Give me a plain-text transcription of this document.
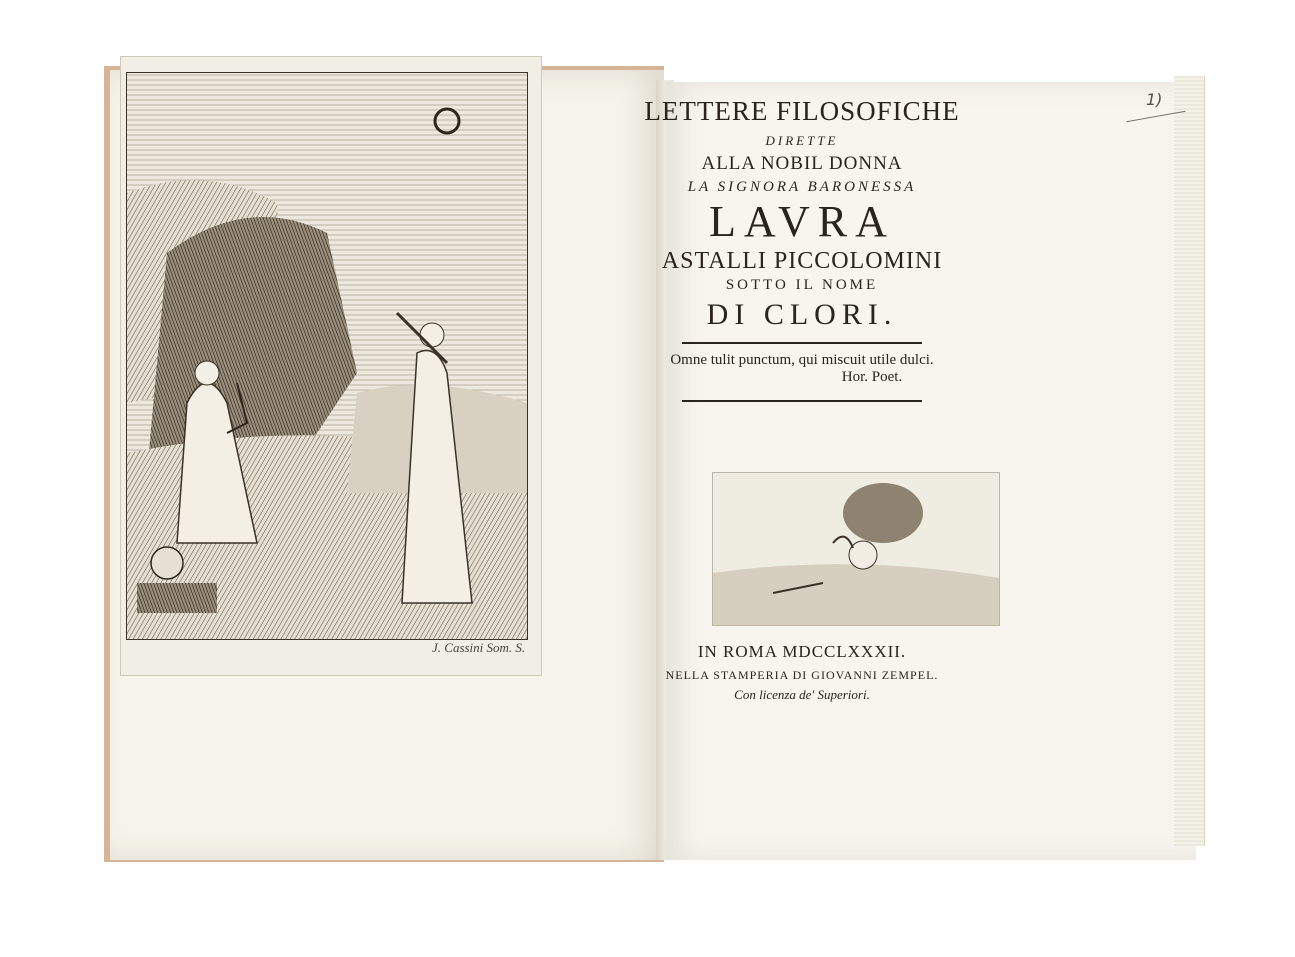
J. Cassini Som. S.
LETTERE FILOSOFICHE
DIRETTE
ALLA NOBIL DONNA
LA SIGNORA BARONESSA
LAVRA
ASTALLI PICCOLOMINI
SOTTO IL NOME
DI CLORI.
Omne tulit punctum, qui miscuit utile dulci.
Hor. Poet.
IN ROMA MDCCLXXXII.
NELLA STAMPERIA DI GIOVANNI ZEMPEL.
Con licenza de' Superiori.
1)
